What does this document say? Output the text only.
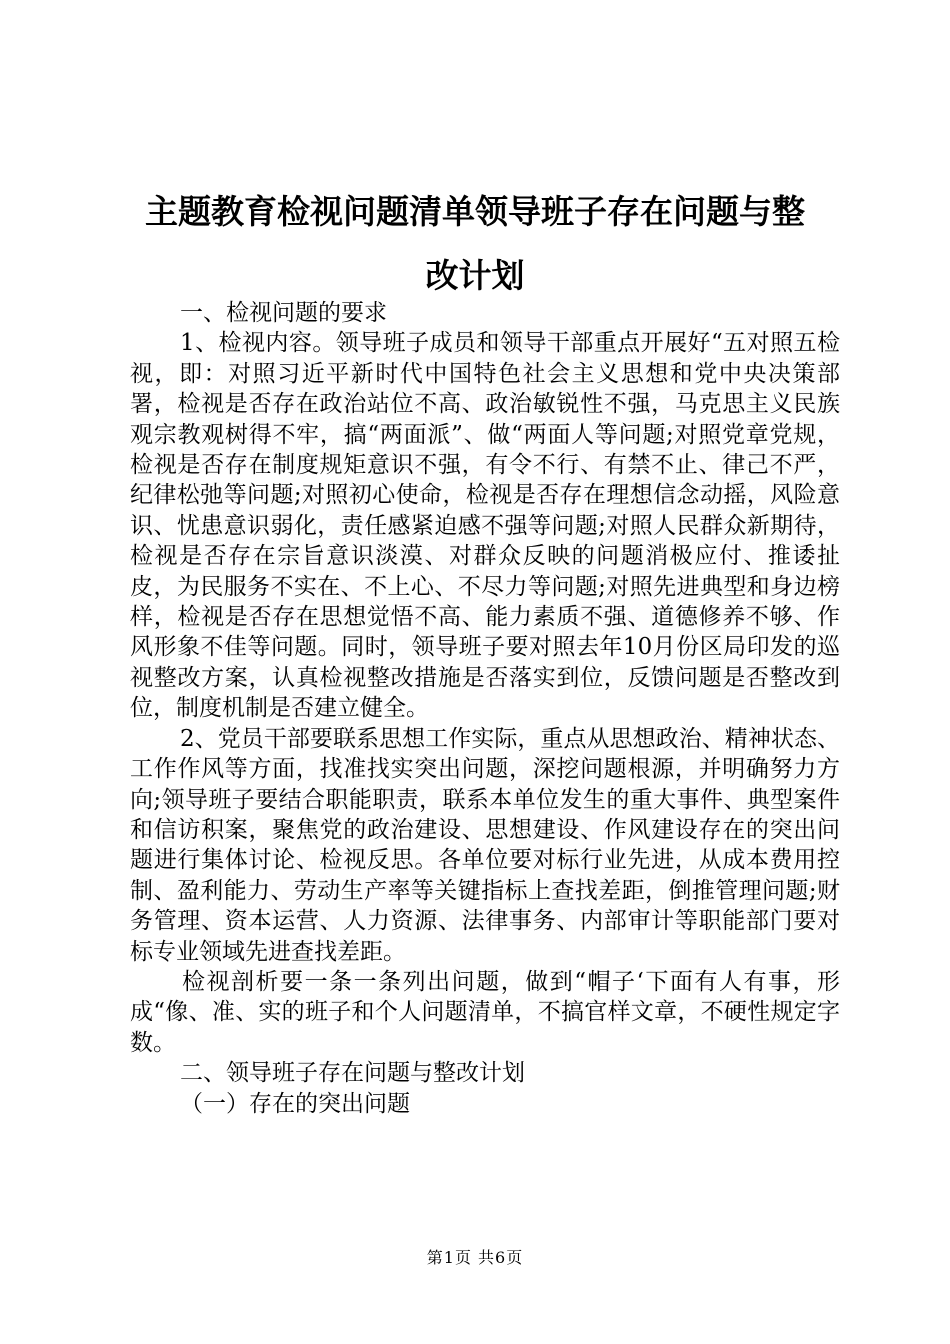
主题教育检视问题清单领导班子存在问题与整
改计划

一、检视问题的要求

1、检视内容。领导班子成员和领导干部重点开展好“五对照五检视，即：对照习近平新时代中国特色社会主义思想和党中央决策部署，检视是否存在政治站位不高、政治敏锐性不强，马克思主义民族观宗教观树得不牢，搞“两面派”、做“两面人等问题;对照党章党规，检视是否存在制度规矩意识不强，有令不行、有禁不止、律己不严，纪律松弛等问题;对照初心使命，检视是否存在理想信念动摇，风险意识、忧患意识弱化，责任感紧迫感不强等问题;对照人民群众新期待，检视是否存在宗旨意识淡漠、对群众反映的问题消极应付、推诿扯皮，为民服务不实在、不上心、不尽力等问题;对照先进典型和身边榜样，检视是否存在思想觉悟不高、能力素质不强、道德修养不够、作风形象不佳等问题。同时，领导班子要对照去年10月份区局印发的巡视整改方案，认真检视整改措施是否落实到位，反馈问题是否整改到位，制度机制是否建立健全。

2、党员干部要联系思想工作实际，重点从思想政治、精神状态、工作作风等方面，找准找实突出问题，深挖问题根源，并明确努力方向;领导班子要结合职能职责，联系本单位发生的重大事件、典型案件和信访积案，聚焦党的政治建设、思想建设、作风建设存在的突出问题进行集体讨论、检视反思。各单位要对标行业先进，从成本费用控制、盈利能力、劳动生产率等关键指标上查找差距，倒推管理问题;财务管理、资本运营、人力资源、法律事务、内部审计等职能部门要对标专业领域先进查找差距。

检视剖析要一条一条列出问题，做到“帽子‘下面有人有事，形成“像、准、实的班子和个人问题清单，不搞官样文章，不硬性规定字数。

二、领导班子存在问题与整改计划

（一）存在的突出问题

第1页 共6页
